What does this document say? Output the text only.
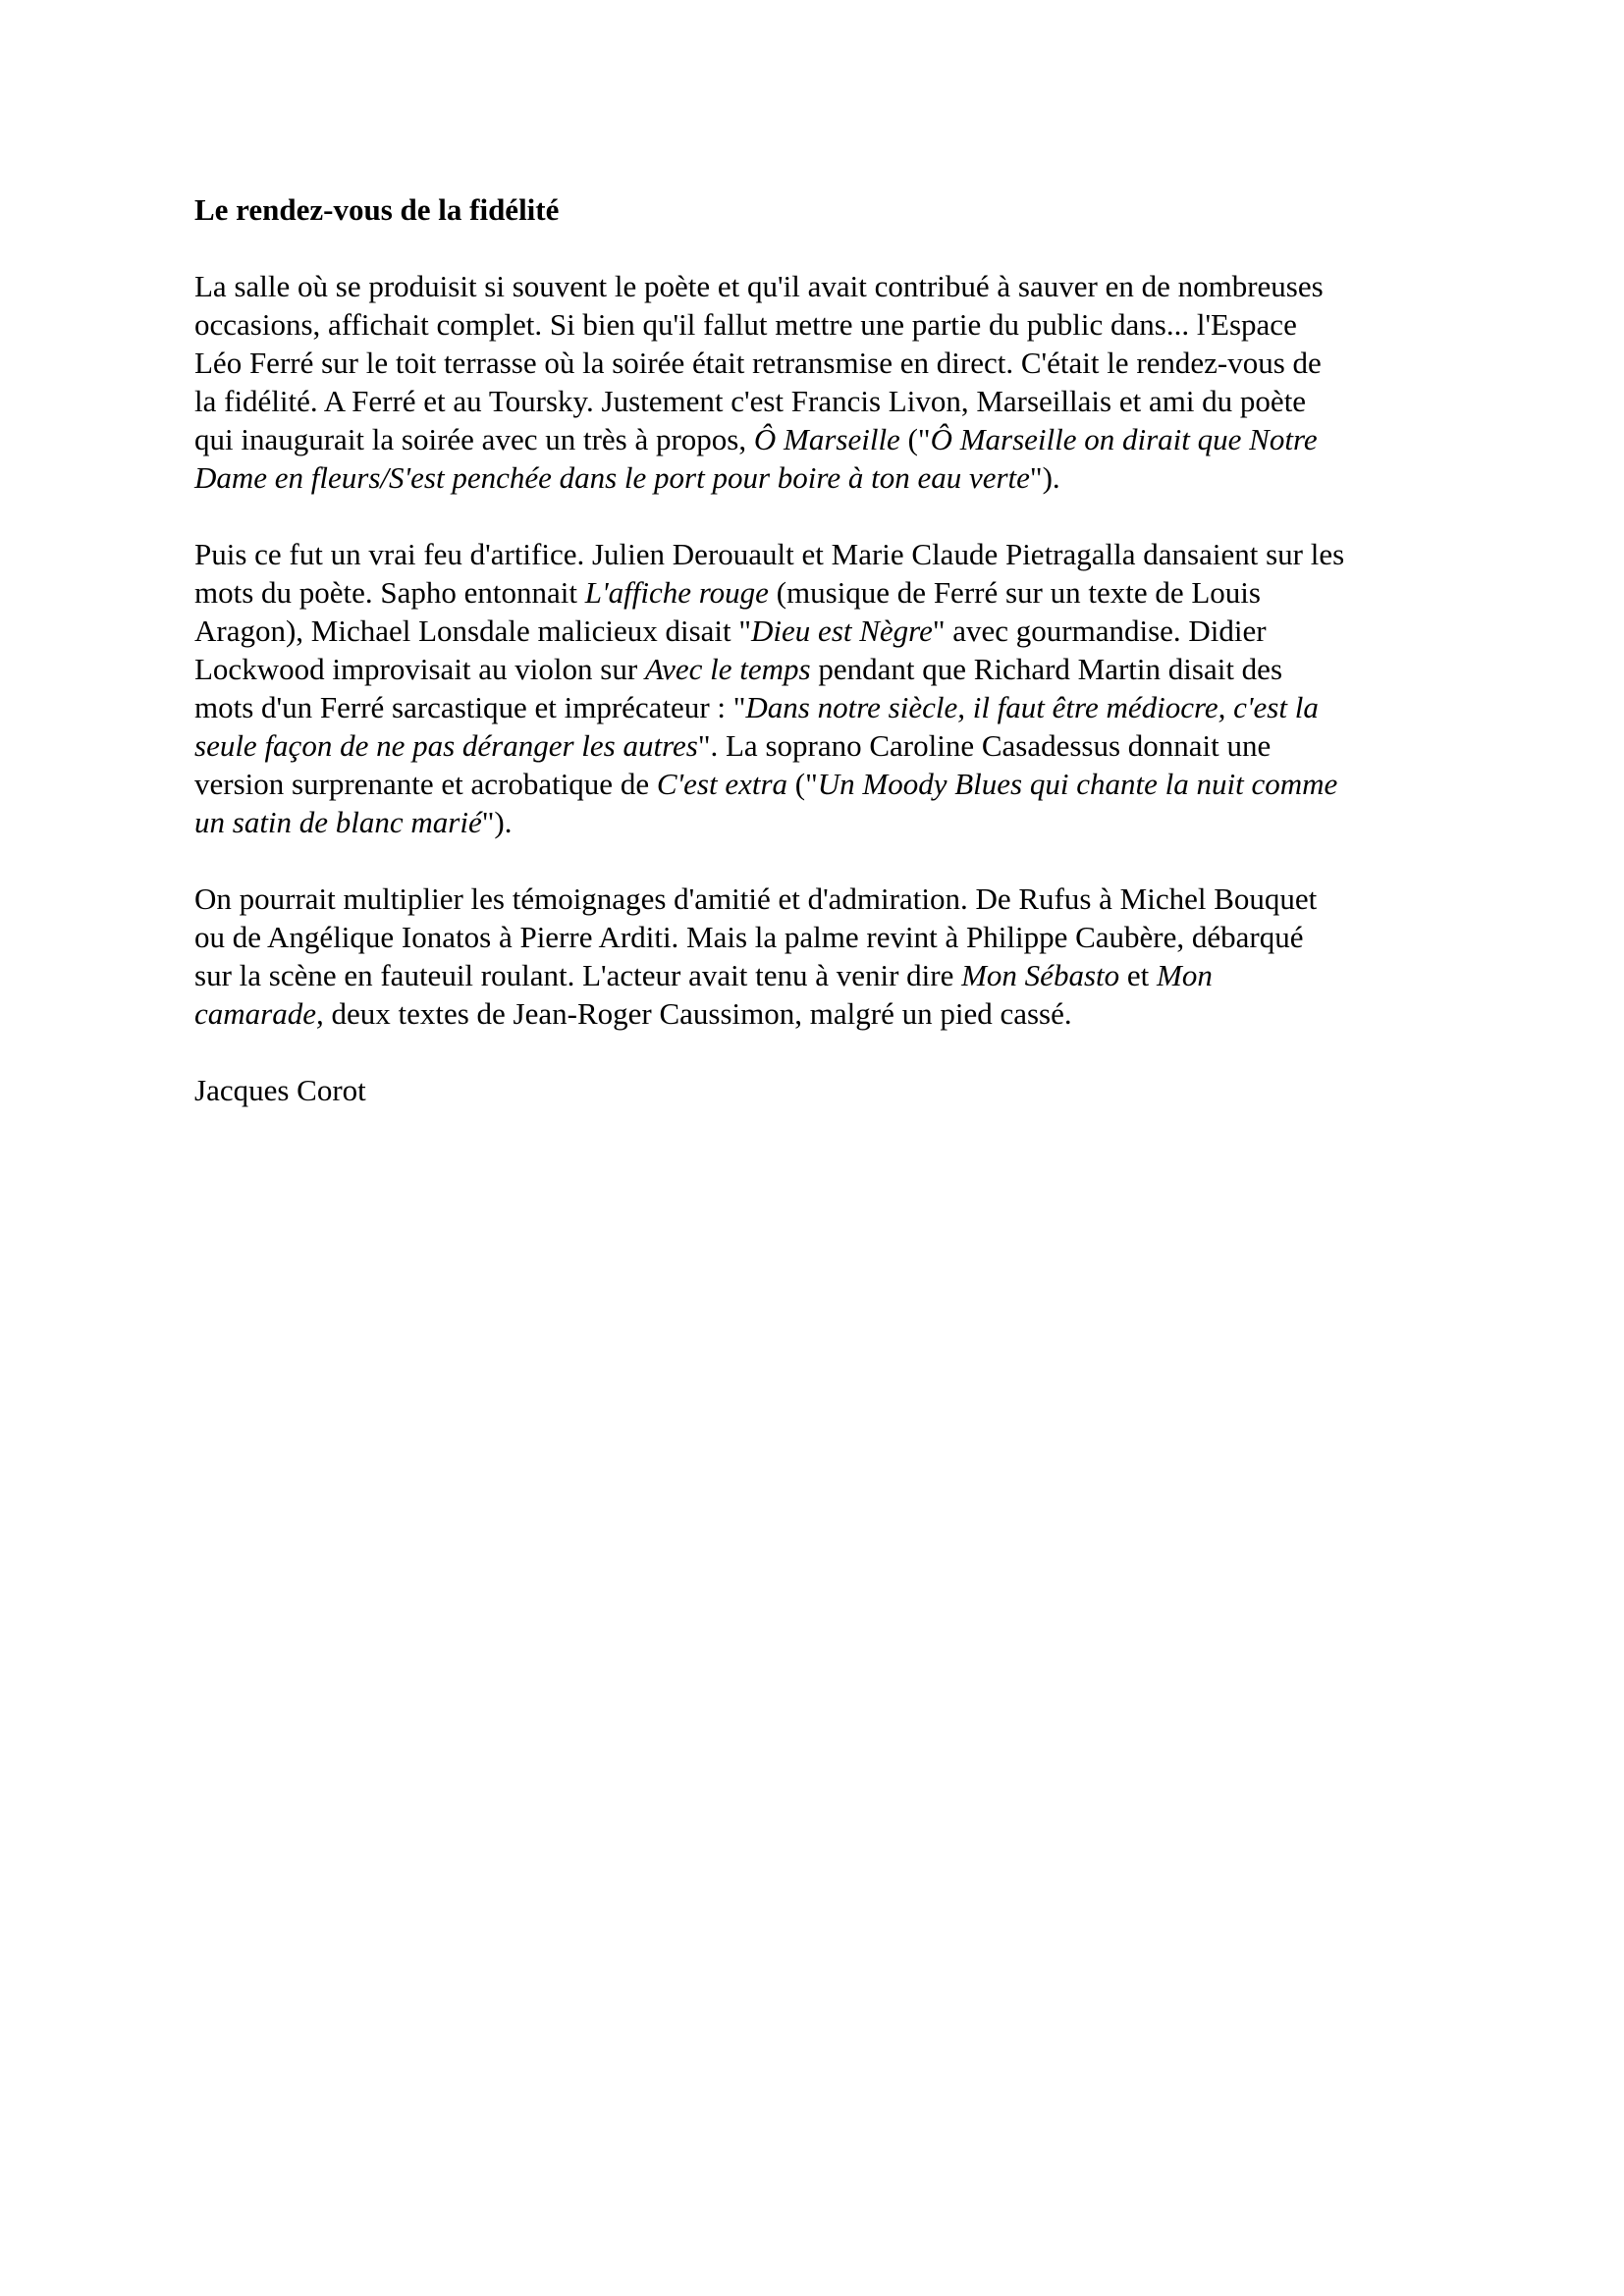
Le rendez-vous de la fidélité
La salle où se produisit si souvent le poète et qu'il avait contribué à sauver en de nombreuses
occasions, affichait complet. Si bien qu'il fallut mettre une partie du public dans... l'Espace
Léo Ferré sur le toit terrasse où la soirée était retransmise en direct. C'était le rendez-vous de
la fidélité. A Ferré et au Toursky. Justement c'est Francis Livon, Marseillais et ami du poète
qui inaugurait la soirée avec un très à propos, Ô Marseille ("Ô Marseille on dirait que Notre
Dame en fleurs/S'est penchée dans le port pour boire à ton eau verte").
Puis ce fut un vrai feu d'artifice. Julien Derouault et Marie Claude Pietragalla dansaient sur les
mots du poète. Sapho entonnait L'affiche rouge (musique de Ferré sur un texte de Louis
Aragon), Michael Lonsdale malicieux disait "Dieu est Nègre" avec gourmandise. Didier
Lockwood improvisait au violon sur Avec le temps pendant que Richard Martin disait des
mots d'un Ferré sarcastique et imprécateur : "Dans notre siècle, il faut être médiocre, c'est la
seule façon de ne pas déranger les autres". La soprano Caroline Casadessus donnait une
version surprenante et acrobatique de C'est extra ("Un Moody Blues qui chante la nuit comme
un satin de blanc marié").
On pourrait multiplier les témoignages d'amitié et d'admiration. De Rufus à Michel Bouquet
ou de Angélique Ionatos à Pierre Arditi. Mais la palme revint à Philippe Caubère, débarqué
sur la scène en fauteuil roulant. L'acteur avait tenu à venir dire Mon Sébasto et Mon
camarade, deux textes de Jean-Roger Caussimon, malgré un pied cassé.
Jacques Corot
